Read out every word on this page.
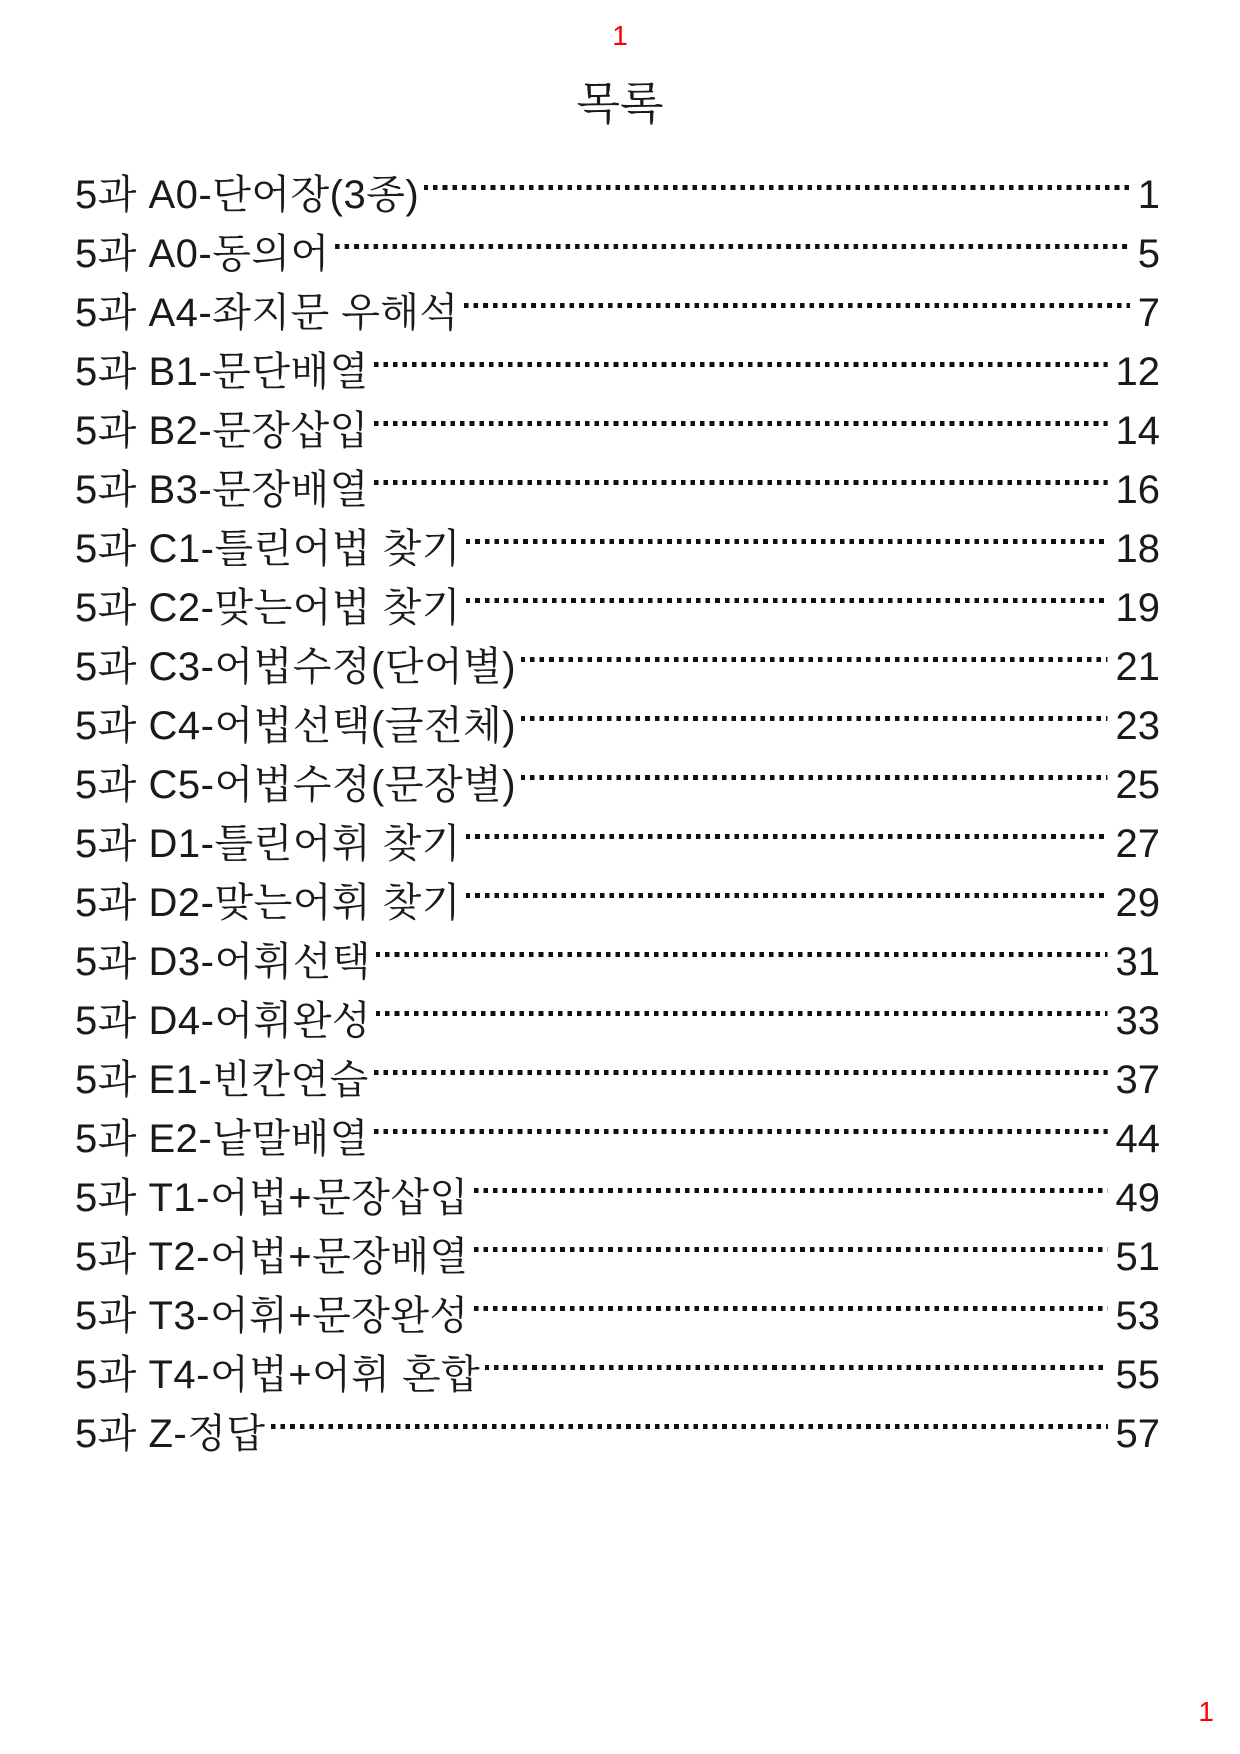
1
목록
5과 A0-단어장(3종)	1
5과 A0-동의어	5
5과 A4-좌지문 우해석	7
5과 B1-문단배열	12
5과 B2-문장삽입	14
5과 B3-문장배열	16
5과 C1-틀린어법 찾기	18
5과 C2-맞는어법 찾기	19
5과 C3-어법수정(단어별)	21
5과 C4-어법선택(글전체)	23
5과 C5-어법수정(문장별)	25
5과 D1-틀린어휘 찾기	27
5과 D2-맞는어휘 찾기	29
5과 D3-어휘선택	31
5과 D4-어휘완성	33
5과 E1-빈칸연습	37
5과 E2-낱말배열	44
5과 T1-어법+문장삽입	49
5과 T2-어법+문장배열	51
5과 T3-어휘+문장완성	53
5과 T4-어법+어휘 혼합	55
5과 Z-정답	57
1
